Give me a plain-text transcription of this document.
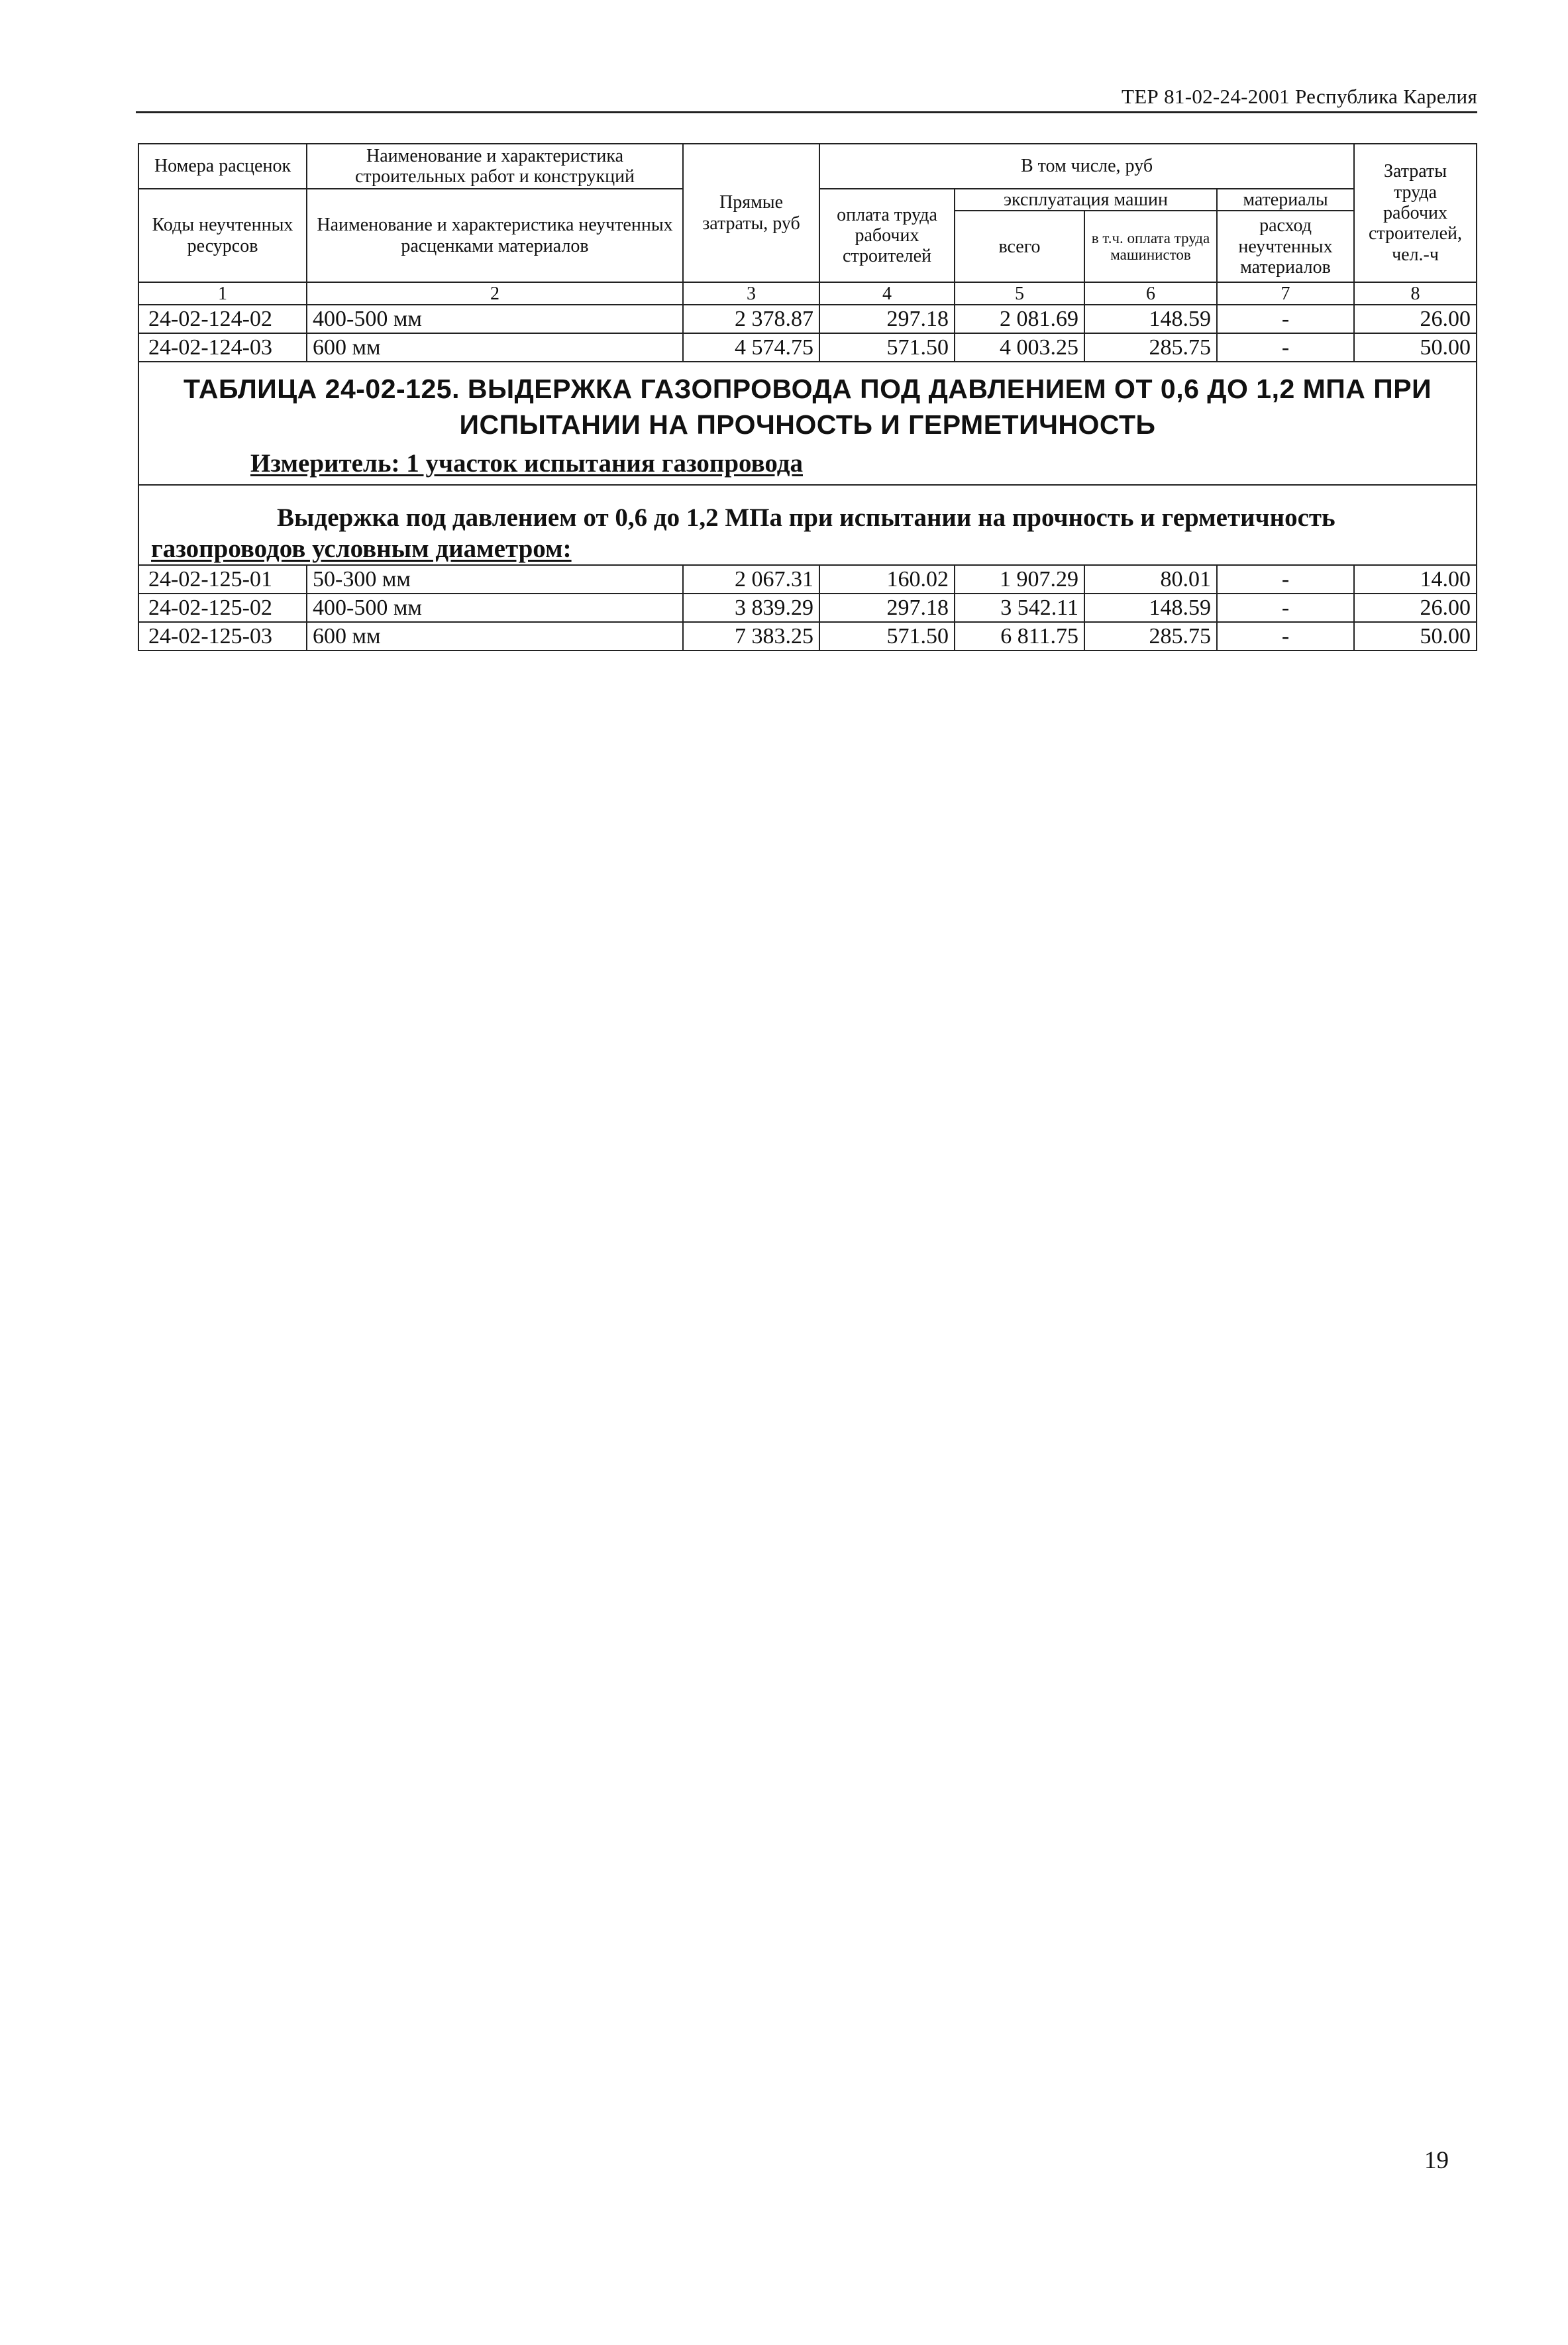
ТЕР 81-02-24-2001 Республика Карелия
Номера расценок	Наименование и характеристика строительных работ и конструкций	Прямые затраты, руб	В том числе, руб				Затраты труда рабочих строителей, чел.-ч
Коды неучтенных ресурсов	Наименование и характеристика неучтенных расценками материалов		оплата труда рабочих строителей	эксплуатация машин		материалы	
				всего	в т.ч. оплата труда машинистов	расход неучтенных материалов	

1	2	3	4	5	6	7	8
24-02-124-02	400-500 мм	2 378.87	297.18	2 081.69	148.59	-	26.00
24-02-124-03	600 мм	4 574.75	571.50	4 003.25	285.75	-	50.00

ТАБЛИЦА 24-02-125. ВЫДЕРЖКА ГАЗОПРОВОДА ПОД ДАВЛЕНИЕМ ОТ 0,6 ДО 1,2 МПА ПРИ ИСПЫТАНИИ НА ПРОЧНОСТЬ И ГЕРМЕТИЧНОСТЬ
Измеритель: 1 участок испытания газопровода							

Выдержка под давлением от 0,6 до 1,2 МПа при испытании на прочность и герметичность
газопроводов условным диаметром:							

24-02-125-01	50-300 мм	2 067.31	160.02	1 907.29	80.01	-	14.00
24-02-125-02	400-500 мм	3 839.29	297.18	3 542.11	148.59	-	26.00
24-02-125-03	600 мм	7 383.25	571.50	6 811.75	285.75	-	50.00
19
